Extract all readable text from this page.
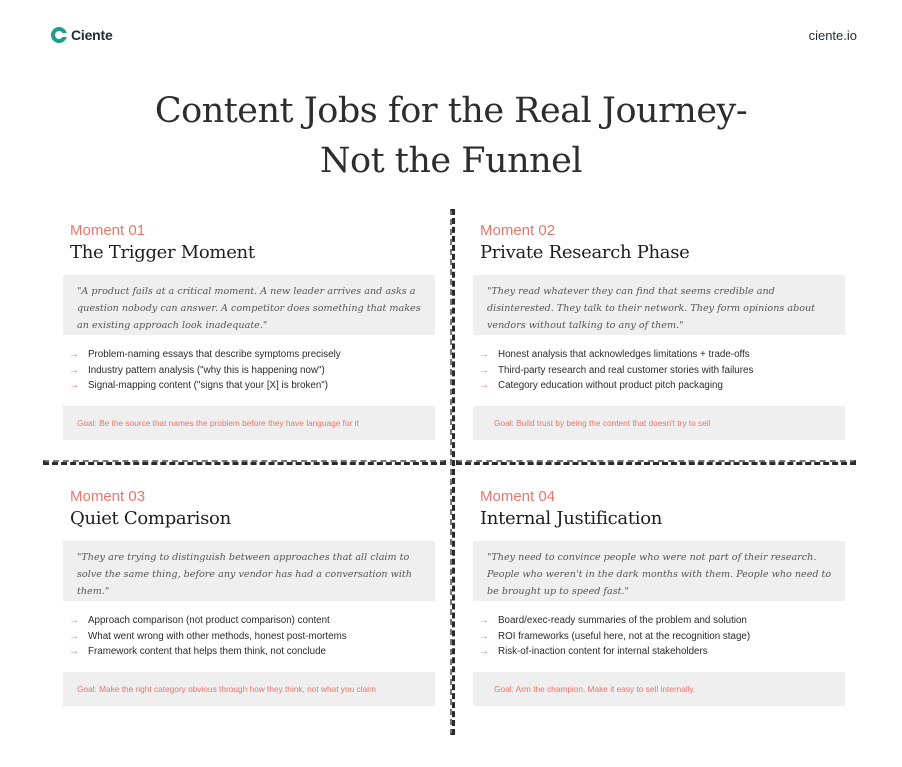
Ciente	ciente.io
Content Jobs for the Real Journey-
Not the Funnel
Moment 01
The Trigger Moment
"A product fails at a critical moment. A new leader arrives and asks a question nobody can answer. A competitor does something that makes an existing approach look inadequate."
→ Problem-naming essays that describe symptoms precisely
→ Industry pattern analysis ("why this is happening now")
→ Signal-mapping content ("signs that your [X] is broken")
Goal: Be the source that names the problem before they have language for it
Moment 02
Private Research Phase
"They read whatever they can find that seems credible and disinterested. They talk to their network. They form opinions about vendors without talking to any of them."
→ Honest analysis that acknowledges limitations + trade-offs
→ Third-party research and real customer stories with failures
→ Category education without product pitch packaging
Goal: Build trust by being the content that doesn't try to sell
Moment 03
Quiet Comparison
"They are trying to distinguish between approaches that all claim to solve the same thing, before any vendor has had a conversation with them."
→ Approach comparison (not product comparison) content
→ What went wrong with other methods, honest post-mortems
→ Framework content that helps them think, not conclude
Goal: Make the right category obvious through how they think, not what you claim
Moment 04
Internal Justification
"They need to convince people who were not part of their research. People who weren't in the dark months with them. People who need to be brought up to speed fast."
→ Board/exec-ready summaries of the problem and solution
→ ROI frameworks (useful here, not at the recognition stage)
→ Risk-of-inaction content for internal stakeholders
Goal: Arm the champion. Make it easy to sell internally.
